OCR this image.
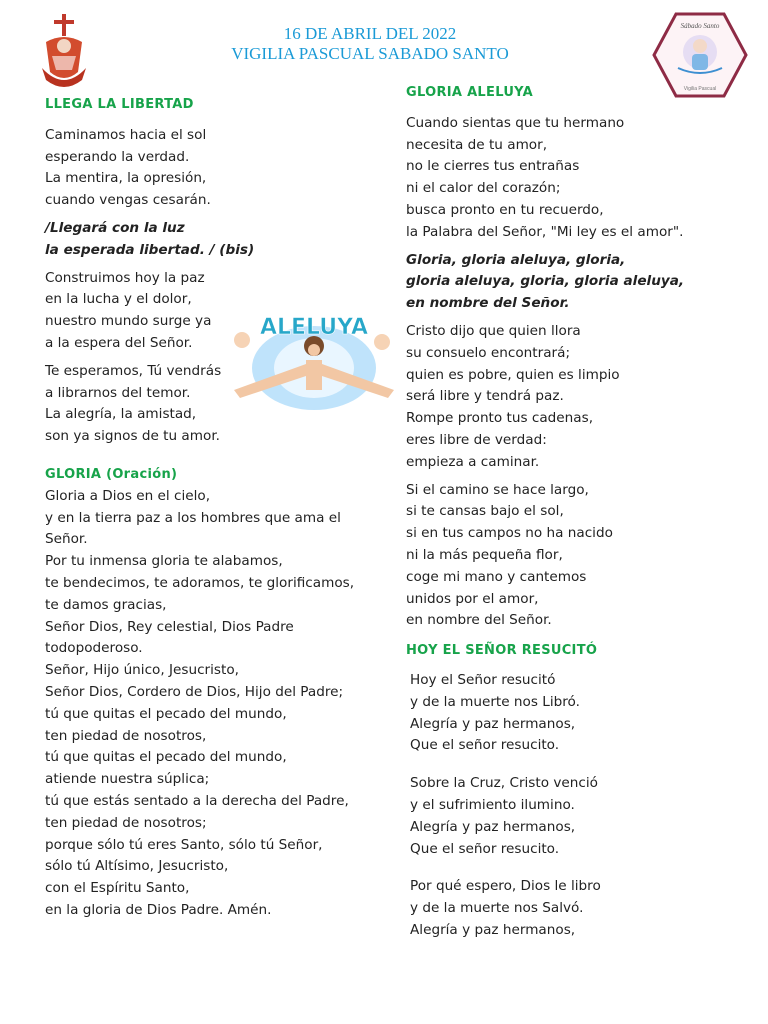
16 DE ABRIL DEL 2022
VIGILIA PASCUAL SABADO SANTO
Sábado Santo
Vigilia Pascual
ALELUYA

LLEGA LA LIBERTAD

Caminamos hacia el sol
esperando la verdad.
La mentira, la opresión,
cuando vengas cesarán.

/Llegará con la luz
la esperada libertad. / (bis)

Construimos hoy la paz
en la lucha y el dolor,
nuestro mundo surge ya
a la espera del Señor.

Te esperamos, Tú vendrás
a librarnos del temor.
La alegría, la amistad,
son ya signos de tu amor.

GLORIA (Oración)

Gloria a Dios en el cielo,
y en la tierra paz a los hombres que ama el
Señor.
Por tu inmensa gloria te alabamos,
te bendecimos, te adoramos, te glorificamos,
te damos gracias,
Señor Dios, Rey celestial, Dios Padre
todopoderoso.
Señor, Hijo único, Jesucristo,
Señor Dios, Cordero de Dios, Hijo del Padre;
tú que quitas el pecado del mundo,
ten piedad de nosotros,
tú que quitas el pecado del mundo,
atiende nuestra súplica;
tú que estás sentado a la derecha del Padre,
ten piedad de nosotros;
porque sólo tú eres Santo, sólo tú Señor,
sólo tú Altísimo, Jesucristo,
con el Espíritu Santo,
en la gloria de Dios Padre. Amén.

GLORIA ALELUYA

Cuando sientas que tu hermano
necesita de tu amor,
no le cierres tus entrañas
ni el calor del corazón;
busca pronto en tu recuerdo,
la Palabra del Señor, "Mi ley es el amor".

Gloria, gloria aleluya, gloria,
gloria aleluya, gloria, gloria aleluya,
en nombre del Señor.

Cristo dijo que quien llora
su consuelo encontrará;
quien es pobre, quien es limpio
será libre y tendrá paz.
Rompe pronto tus cadenas,
eres libre de verdad:
empieza a caminar.

Si el camino se hace largo,
si te cansas bajo el sol,
si en tus campos no ha nacido
ni la más pequeña flor,
coge mi mano y cantemos
unidos por el amor,
en nombre del Señor.

HOY EL SEÑOR RESUCITÓ

Hoy el Señor resucitó
y de la muerte nos Libró.
Alegría y paz hermanos,
Que el señor resucito.

Sobre la Cruz, Cristo venció
y el sufrimiento ilumino.
Alegría y paz hermanos,
Que el señor resucito.

Por qué espero, Dios le libro
y de la muerte nos Salvó.
Alegría y paz hermanos,
